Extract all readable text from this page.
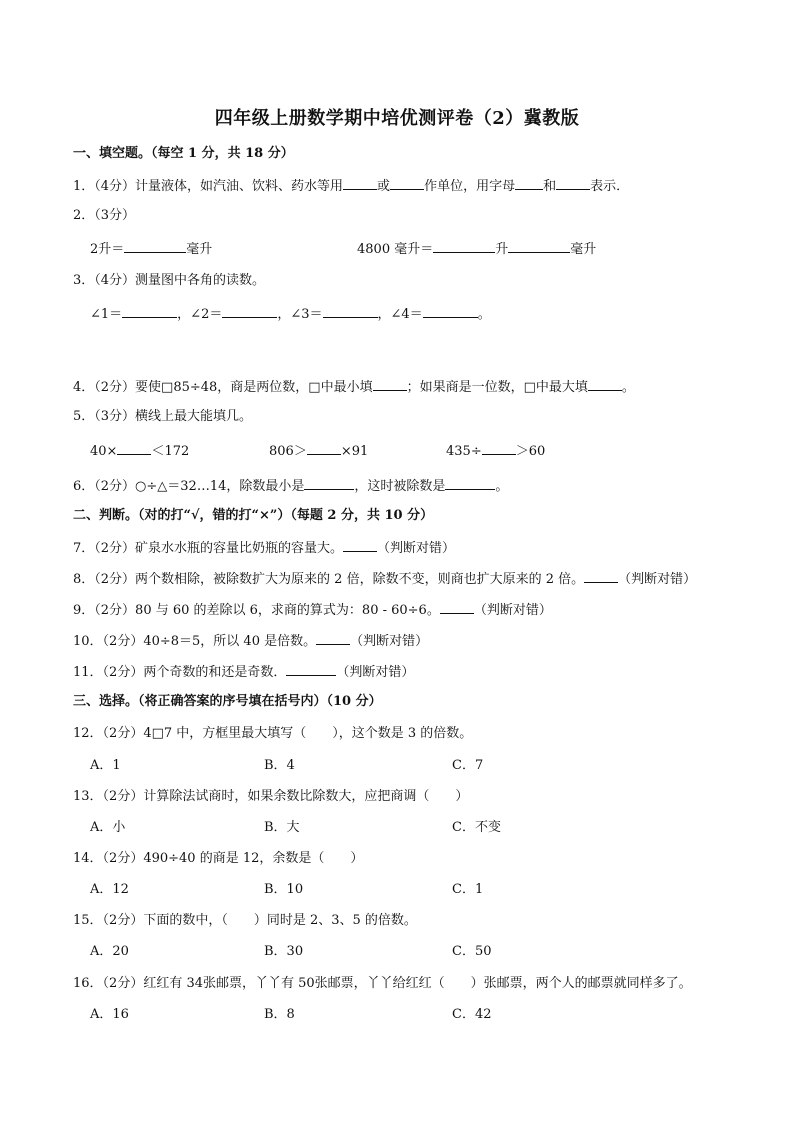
四年级上册数学期中培优测评卷（2）冀教版
一、填空题。（每空 1 分，共 18 分）
1．（4分）计量液体，如汽油、饮料、药水等用	或	作单位，用字母 和	表示．
2．（3分）
2升＝	毫升	4800 毫升＝	升	毫升
3．（4分）测量图中各角的读数。
∠1＝	，∠2＝	，∠3＝	，∠4＝	。
4．（2分）要使□85÷48，商是两位数，□中最小填	；如果商是一位数，□中最大填	。
5．（3分）横线上最大能填几。
40×	＜172	806＞	×91	435÷	＞60
6．（2分）○÷△＝32…14，除数最小是	，这时被除数是	。
二、判断。（对的打“√，错的打“×”）（每题 2 分，共 10 分）
7．（2分）矿泉水水瓶的容量比奶瓶的容量大。	（判断对错）
8．（2分）两个数相除，被除数扩大为原来的 2 倍，除数不变，则商也扩大原来的 2 倍。	（判断对错）
9．（2分）80 与 60 的差除以 6，求商的算式为：80 - 60÷6。	（判断对错）
10．（2分）40÷8＝5，所以 40 是倍数。	（判断对错）
11．（2分）两个奇数的和还是奇数．	（判断对错）
三、选择。（将正确答案的序号填在括号内）（10 分）
12．（2分）4□7 中，方框里最大填写（　　），这个数是 3 的倍数。
A．1	B．4	C．7
13．（2分）计算除法试商时，如果余数比除数大，应把商调（　　）
A．小	B．大	C．不变
14．（2分）490÷40 的商是 12，余数是（　　）
A．12	B．10	C．1
15．（2分）下面的数中，（　　）同时是 2、3、5 的倍数。
A．20	B．30	C．50
16．（2分）红红有 34张邮票，丫丫有 50张邮票，丫丫给红红（　　）张邮票，两个人的邮票就同样多了。
A．16	B．8	C．42
